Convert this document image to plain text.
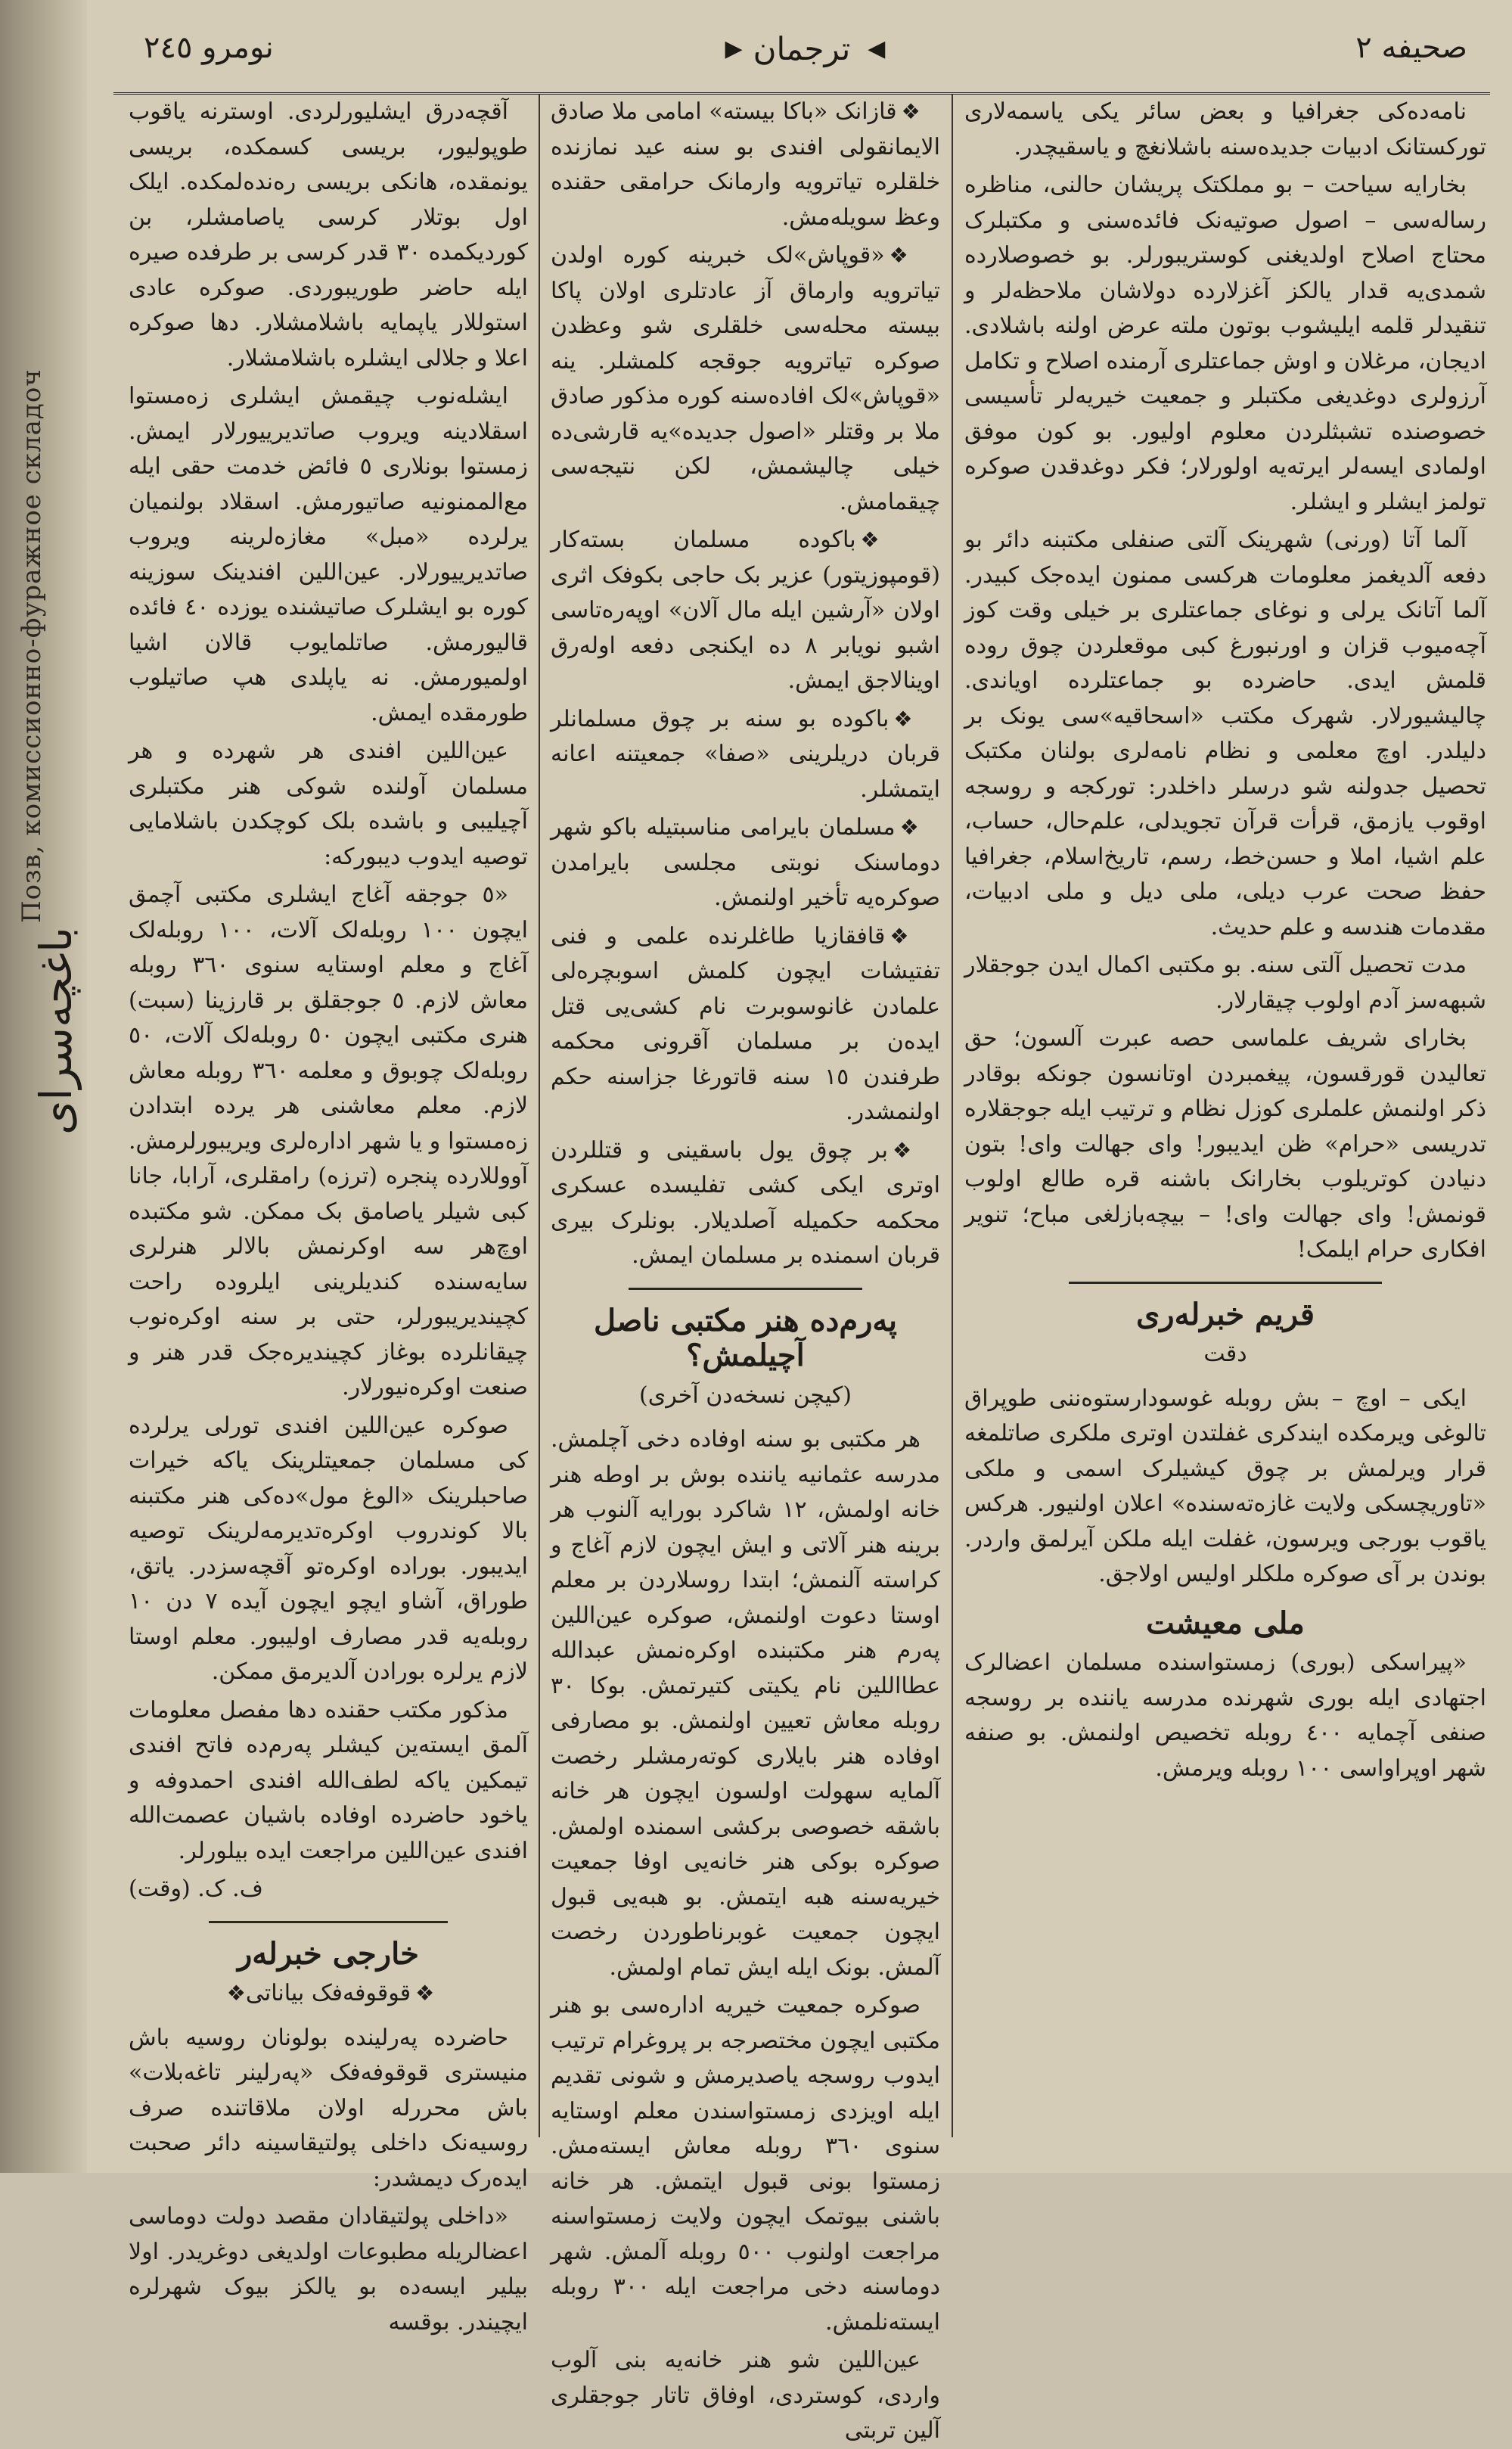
Позв, комиссионно-фуражное складоч
باغچه‌سرای
صحیفه ٢
◀
ترجمان
▶
نومرو ٢٤٥

نامه‌ده‌کی جغرافیا و بعض سائر یکی یاسمه‌لاری تورکستانک ادبیات جدیده‌سنه باشلانغچ و یاسقیچدر.

بخارایه سیاحت – بو مملکتک پریشان حالنی، مناظره رساله‌سی – اصول صوتیه‌نک فائده‌سنی و مکتبلرک محتاج اصلاح اولدیغنی کوستریبورلر. بو خصوصلارده شمدی‌یه قدار یالکز آغزلارده دولاشان ملاحظه‌لر و تنقیدلر قلمه ایلیشوب بوتون ملته عرض اولنه باشلادی. ادیجان، مرغلان و اوش جماعتلری آرمنده اصلاح و تکامل آرزولری دوغدیغی مکتبلر و جمعیت خیریه‌لر تأسیسی خصوصنده تشبثلردن معلوم اولیور. بو کون موفق اولمادی ایسه‌لر ایرته‌یه اولورلار؛ فکر دوغدقدن صوکره تولمز ایشلر و ایشلر.

آلما آتا (ورنی) شهرینک آلتی صنفلی مکتبنه دائر بو دفعه آلدیغمز معلومات هرکسی ممنون ایده‌جک کبیدر. آلما آتانک یرلی و نوغای جماعتلری بر خیلی وقت کوز آچه‌میوب قزان و اورنبورغ کبی موقعلردن چوق روده قلمش ایدی. حاضرده بو جماعتلرده اویاندی. چالیشیورلار. شهرک مکتب «اسحاقیه»سی یونک بر دلیلدر. اوچ معلمی و نظام نامه‌لری بولنان مکتبک تحصیل جدولنه شو درسلر داخلدر: تورکجه و روسجه اوقوب یازمق، قرأت قرآن تجویدلی، علم‌حال، حساب، علم اشیا، املا و حسن‌خط، رسم، تاریخ‌اسلام، جغرافیا حفظ صحت عرب دیلی، ملی دیل و ملی ادبیات، مقدمات هندسه و علم حدیث.

مدت تحصیل آلتی سنه. بو مکتبی اکمال ایدن جوجقلار شبهه‌سز آدم اولوب چیقارلار.

بخارای شریف علماسی حصه عبرت آلسون؛ حق تعالیدن قورقسون، پیغمبردن اوتانسون جونکه بوقادر ذکر اولنمش علملری کوزل نظام و ترتیب ایله جوجقلاره تدریسی «حرام» ظن ایدیبور! وای جهالت وای! بتون دنیادن کوتریلوب بخارانک باشنه قره طالع اولوب قونمش! وای جهالت وای! – بیچه‌بازلغی مباح؛ تنویر افکاری حرام ایلمک!

قریم خبرلەری
دقت

ایکی – اوچ – بش روبله غوسودارستوەننی طوپراق تالوغی ویرمکده ایندکری غفلتدن اوتری ملکری صاتلمغه قرار ویرلمش بر چوق کیشیلرک اسمی و ملکی «تاوریچسکی ولایت غازەته‌سنده» اعلان اولنیور. هرکس یاقوب بورجی ویرسون، غفلت ایله ملکن آیرلمق واردر. بوندن بر آی صوکره ملکلر اولیس اولاجق.

ملی معیشت

«پیراسکی (بوری) زمستواسنده مسلمان اعضالرک اجتهادی ایله بوری شهرنده مدرسه یاننده بر روسجه صنفی آچمایه ٤٠٠ روبله تخصیص اولنمش. بو صنفه شهر اوپراواسی ١٠٠ روبله ویرمش.

❖قازانک «باکا بیسته» امامی ملا صادق الایمانقولی افندی بو سنه عید نمازنده خلقلره تیاترویه وارمانک حرامقی حقنده وعظ سویله‌مش.

❖«قوپاش»لک خبرینه کوره اولدن تیاترویه وارماق آز عادتلری اولان پاکا بیسته محله‌سی خلقلری شو وعظدن صوکره تیاترویه جوقجه کلمشلر. ینه «قوپاش»لک افاده‌سنه کوره مذکور صادق ملا بر وقتلر «اصول جدیده»یه قارشی‌ده خیلی چالیشمش، لکن نتیجه‌سی چیقمامش.

❖باکوده مسلمان بسته‌کار (قومپوزیتور) عزیر بک حاجی بکوفک اثری اولان «آرشین ایله مال آلان» اوپەرەتاسی اشبو نویابر ٨ ده ایکنجی دفعه اولەرق اوینالاجق ایمش.

❖باکوده بو سنه بر چوق مسلمانلر قربان دریلرینی «صفا» جمعیتنه اعانه ایتمشلر.

❖مسلمان بایرامی مناسبتیله باکو شهر دوماسنک نوبتی مجلسی بایرامدن صوکره‌یه تأخیر اولنمش.

❖قافقازیا طاغلرنده علمی و فنی تفتیشات ایچون کلمش اسوبچرەلی علمادن غانوسوبرت نام کشی‌یی قتل ایدەن بر مسلمان آقرونی محکمه طرفندن ١٥ سنه قاتورغا جزاسنه حکم اولنمشدر.

❖بر چوق یول باسقینی و قتللردن اوتری ایکی کشی تفلیسده عسکری محکمه حکمیله آصلدیلار. بونلرک بیری قربان اسمنده بر مسلمان ایمش.

پەرم‌دە هنر مکتبی ناصل آچیلمش؟
(کیچن نسخه‌دن آخری)

هر مکتبی بو سنه اوفاده دخی آچلمش. مدرسه عثمانیه یاننده بوش بر اوطه هنر خانه اولمش، ١٢ شاکرد بورایه آلنوب هر برینه هنر آلاتی و ایش ایچون لازم آغاج و کراسته آلنمش؛ ابتدا روسلاردن بر معلم اوستا دعوت اولنمش، صوکره عین‌اللین پەرم هنر مکتبنده اوکرەنمش عبدالله عطا‌اللین نام یکیتی کتیرتمش. بوکا ٣٠ روبله معاش تعیین اولنمش. بو مصارفی اوفاده هنر بایلاری کوتەرمشلر رخصت آلمایه سهولت اولسون ایچون هر خانه باشقه خصوصی برکشی اسمنده اولمش. صوکره بوکی هنر خانه‌یی اوفا جمعیت خیریه‌سنه هبه ایتمش. بو هبه‌یی قبول ایچون جمعیت غوبرناطوردن رخصت آلمش. بونک ایله ایش تمام اولمش.

صوکره جمعیت خیریه اداره‌سی بو هنر مکتبی ایچون مختصرجه بر پروغرام ترتیب ایدوب روسجه یاصدیرمش و شونی تقدیم ایله اویزدی زمستواسندن معلم اوستایه سنوی ٣٦٠ روبله معاش ایسته‌مش. زمستوا بونی قبول ایتمش. هر خانه باشنی بیوتمک ایچون ولایت زمستواسنه مراجعت اولنوب ٥٠٠ روبله آلمش. شهر دوماسنه دخی مراجعت ایله ٣٠٠ روبله ایسته‌نلمش.

عین‌اللین شو هنر خانه‌یه بنی آلوب واردی، کوستردی، اوفاق تاتار جوجقلری آلین تربتی

آقچەدرق ایشلیورلردی. اوسترنه یاقوب طوپولیور، بریسی کسمکده، بریسی یونمقده، هانکی بریسی رەندەلمکده. ایلک اول بوتلار کرسی یاصامشلر، بن کوردیکمده ٣٠ قدر کرسی بر طرفده صیره ایله حاضر طوریبوردی. صوکره عادی استوللار یاپمایه باشلامشلار. دها صوکره اعلا و جلالی ایشلره باشلامشلار.

ایشله‌نوب چیقمش ایشلری زەمستوا اسقلادینه ویروب صاتدیرییورلار ایمش. زمستوا بونلاری ٥ فائض خدمت حقی ایله مع‌الممنونیه صاتیورمش. اسقلاد بولنمیان یرلرده «مبل» مغازەلرینه ویروب صاتدیرییورلار. عین‌اللین افندینک سوزینه کوره بو ایشلرک صاتیشنده یوزده ٤٠ فائده قالیورمش. صاتلمایوب قالان اشیا اولمیورمش. نه یاپلدی هپ صاتیلوب طورمقده ایمش.

عین‌اللین افندی هر شهرده و هر مسلمان آولنده شوکی هنر مکتبلری آچیلیبی و باشده بلک کوچکدن باشلامایی توصیه ایدوب دیبورکه:

«٥ جوجقه آغاج ایشلری مکتبی آچمق ایچون ١٠٠ روبله‌لک آلات، ١٠٠ روبله‌لک آغاج و معلم اوستایه سنوی ٣٦٠ روبله معاش لازم. ٥ جوجقلق بر قارزینا (سبت) هنری مکتبی ایچون ٥٠ روبله‌لک آلات، ٥٠ روبله‌لک چوبوق و معلمه ٣٦٠ روبله معاش لازم. معلم معاشنی هر یرده ابتدادن زەمستوا و یا شهر ادارەلری ویریبورلرمش. آووللارده پنجره (ترزه) رامقلری، آرابا، جانا کبی شیلر یاصامق بک ممکن. شو مکتبده اوچ‌هر سه اوکرنمش بالالر هنرلری سایه‌سنده کندیلرینی ایلروده راحت کچیندیریبورلر، حتی بر سنه اوکرەنوب چیقانلرده بوغاز کچیندیره‌جک قدر هنر و صنعت اوکرەنیورلار.

صوکره عین‌اللین افندی تورلی یرلرده کی مسلمان جمعیتلرینک یاکه خیرات صاحبلرینک «الوغ مول»ده‌کی هنر مکتبنه بالا کوندروب اوکرەتدیرمەلرینک توصیه ایدیبور. بوراده اوکرەتو آقچه‌سزدر. یاتق، طوراق، آشاو ایچو ایچون آیده ٧ دن ١٠ روبله‌یه قدر مصارف اولیبور. معلم اوستا لازم یرلره بورادن آلدیرمق ممکن.

مذکور مکتب حقنده دها مفصل معلومات آلمق ایسته‌ین کیشلر پەرم‌ده فاتح افندی تیمکین یاکه لطف‌الله افندی احمدوفه و یاخود حاضرده اوفاده باشیان عصمت‌الله افندی عین‌اللین مراجعت ایده بیلورلر.

ف. ک. (وقت)
خارجی خبرلەر
❖قوقوفەفک بیاناتی❖

حاضرده پەرلینده بولونان روسیه باش منیستری قوقوفەفک «پەرلینر تاغەبلات» باش محررله اولان ملاقاتنده صرف روسیه‌نک داخلی پولتیقاسینه دائر صحبت ایده‌رک دیمشدر:

«داخلی پولتیقادان مقصد دولت دوماسی اعضالریله مطبوعات اولدیغی دوغریدر. اولا بیلیر ایسەده بو یالکز بیوک شهرلره ایچیندر. بوقسه
